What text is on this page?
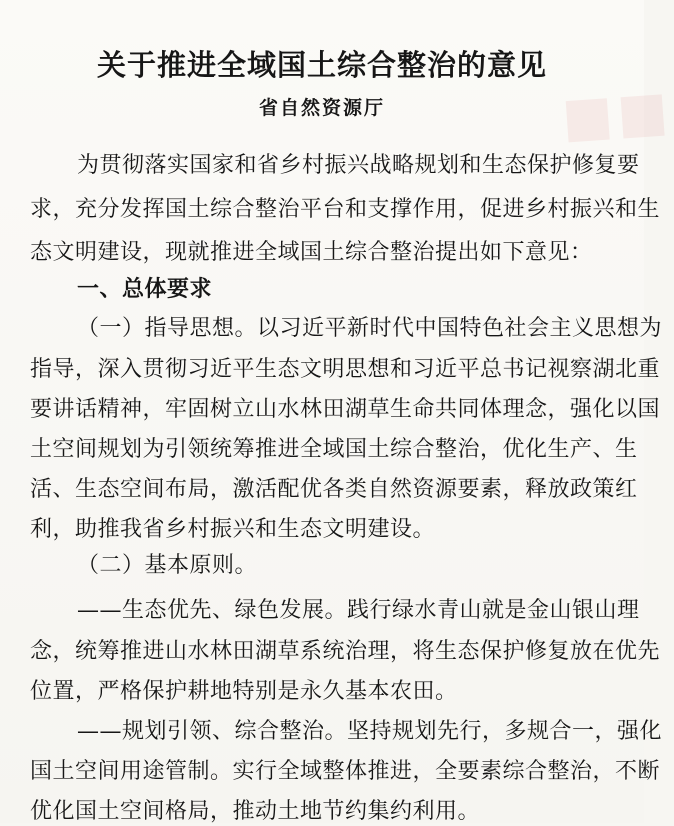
■■
关于推进全域国土综合整治的意见
省自然资源厅
为贯彻落实国家和省乡村振兴战略规划和生态保护修复要
求，充分发挥国土综合整治平台和支撑作用，促进乡村振兴和生
态文明建设，现就推进全域国土综合整治提出如下意见：
一、总体要求
（一）指导思想。以习近平新时代中国特色社会主义思想为
指导，深入贯彻习近平生态文明思想和习近平总书记视察湖北重
要讲话精神，牢固树立山水林田湖草生命共同体理念，强化以国
土空间规划为引领统筹推进全域国土综合整治，优化生产、生
活、生态空间布局，激活配优各类自然资源要素，释放政策红
利，助推我省乡村振兴和生态文明建设。
（二）基本原则。
——生态优先、绿色发展。践行绿水青山就是金山银山理
念，统筹推进山水林田湖草系统治理，将生态保护修复放在优先
位置，严格保护耕地特别是永久基本农田。
——规划引领、综合整治。坚持规划先行，多规合一，强化
国土空间用途管制。实行全域整体推进，全要素综合整治，不断
优化国土空间格局，推动土地节约集约利用。
